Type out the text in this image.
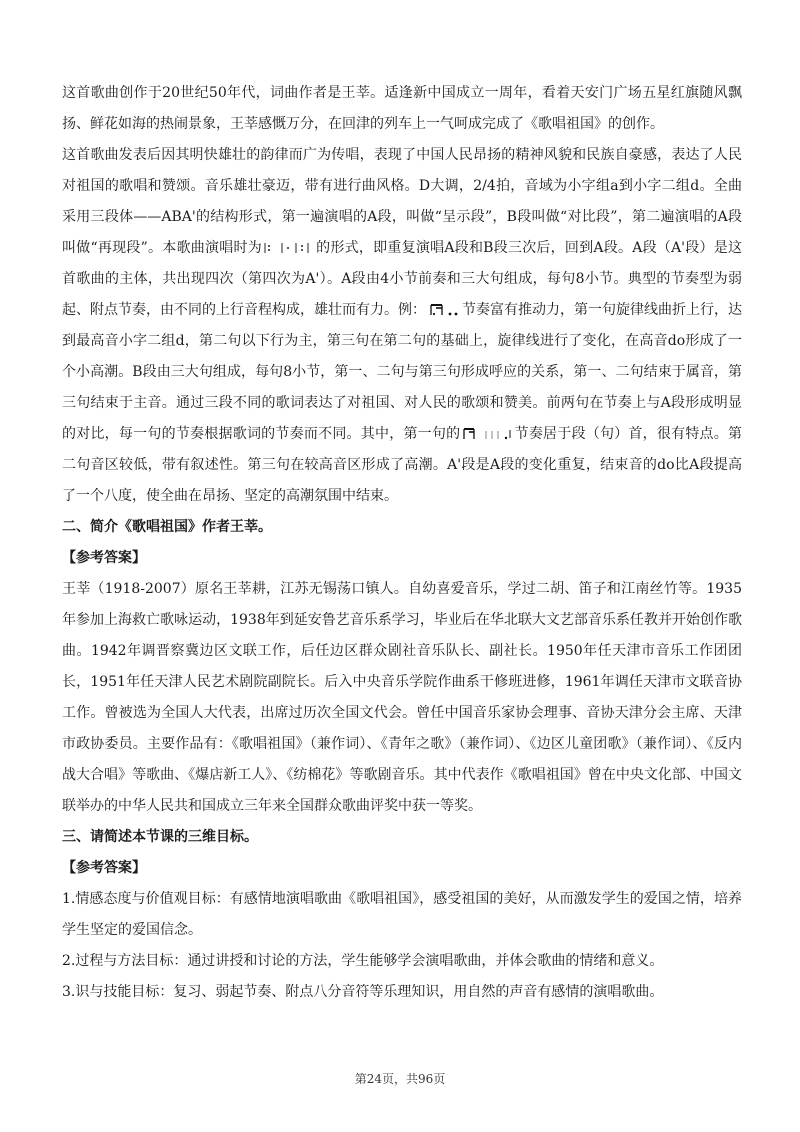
这首歌曲创作于20世纪50年代，词曲作者是王莘。适逢新中国成立一周年，看着天安门广场五星红旗随风飘扬、鲜花如海的热闹景象，王莘感慨万分，在回津的列车上一气呵成完成了《歌唱祖国》的创作。

这首歌曲发表后因其明快雄壮的韵律而广为传唱，表现了中国人民昂扬的精神风貌和民族自豪感，表达了人民对祖国的歌唱和赞颂。音乐雄壮豪迈，带有进行曲风格。D大调，2/4拍，音域为小字组a到小字二组d。全曲采用三段体——ABA'的结构形式，第一遍演唱的A段，叫做“呈示段”，B段叫做“对比段”，第二遍演唱的A段叫做“再现段”。本歌曲演唱时为	的形式，即重复演唱A段和B段三次后，回到A段。A段（A'段）是这首歌曲的主体，共出现四次（第四次为A'）。A段由4小节前奏和三大句组成，每句8小节。典型的节奏型为弱起、附点节奏，由不同的上行音程构成，雄壮而有力。例：	节奏富有推动力，第一句旋律线曲折上行，达到最高音小字二组d，第二句以下行为主，第三句在第二句的基础上，旋律线进行了变化，在高音do形成了一个小高潮。B段由三大句组成，每句8小节，第一、二句与第三句形成呼应的关系，第一、二句结束于属音，第三句结束于主音。通过三段不同的歌词表达了对祖国、对人民的歌颂和赞美。前两句在节奏上与A段形成明显的对比，每一句的节奏根据歌词的节奏而不同。其中，第一句的	节奏居于段（句）首，很有特点。第二句音区较低，带有叙述性。第三句在较高音区形成了高潮。A'段是A段的变化重复，结束音的do比A段提高了一个八度，使全曲在昂扬、坚定的高潮氛围中结束。

二、简介《歌唱祖国》作者王莘。

【参考答案】

王莘（1918-2007）原名王莘耕，江苏无锡荡口镇人。自幼喜爱音乐，学过二胡、笛子和江南丝竹等。1935年参加上海救亡歌咏运动，1938年到延安鲁艺音乐系学习，毕业后在华北联大文艺部音乐系任教并开始创作歌曲。1942年调晋察冀边区文联工作，后任边区群众剧社音乐队长、副社长。1950年任天津市音乐工作团团长，1951年任天津人民艺术剧院副院长。后入中央音乐学院作曲系干修班进修，1961年调任天津市文联音协工作。曾被选为全国人大代表，出席过历次全国文代会。曾任中国音乐家协会理事、音协天津分会主席、天津市政协委员。主要作品有：《歌唱祖国》（兼作词）、《青年之歌》（兼作词）、《边区儿童团歌》（兼作词）、《反内战大合唱》等歌曲、《爆店新工人》、《纺棉花》等歌剧音乐。其中代表作《歌唱祖国》曾在中央文化部、中国文联举办的中华人民共和国成立三年来全国群众歌曲评奖中获一等奖。

三、请简述本节课的三维目标。

【参考答案】

1.情感态度与价值观目标：有感情地演唱歌曲《歌唱祖国》，感受祖国的美好，从而激发学生的爱国之情，培养学生坚定的爱国信念。

2.过程与方法目标：通过讲授和讨论的方法，学生能够学会演唱歌曲，并体会歌曲的情绪和意义。

3.识与技能目标：复习、弱起节奏、附点八分音符等乐理知识，用自然的声音有感情的演唱歌曲。

第24页，共96页
